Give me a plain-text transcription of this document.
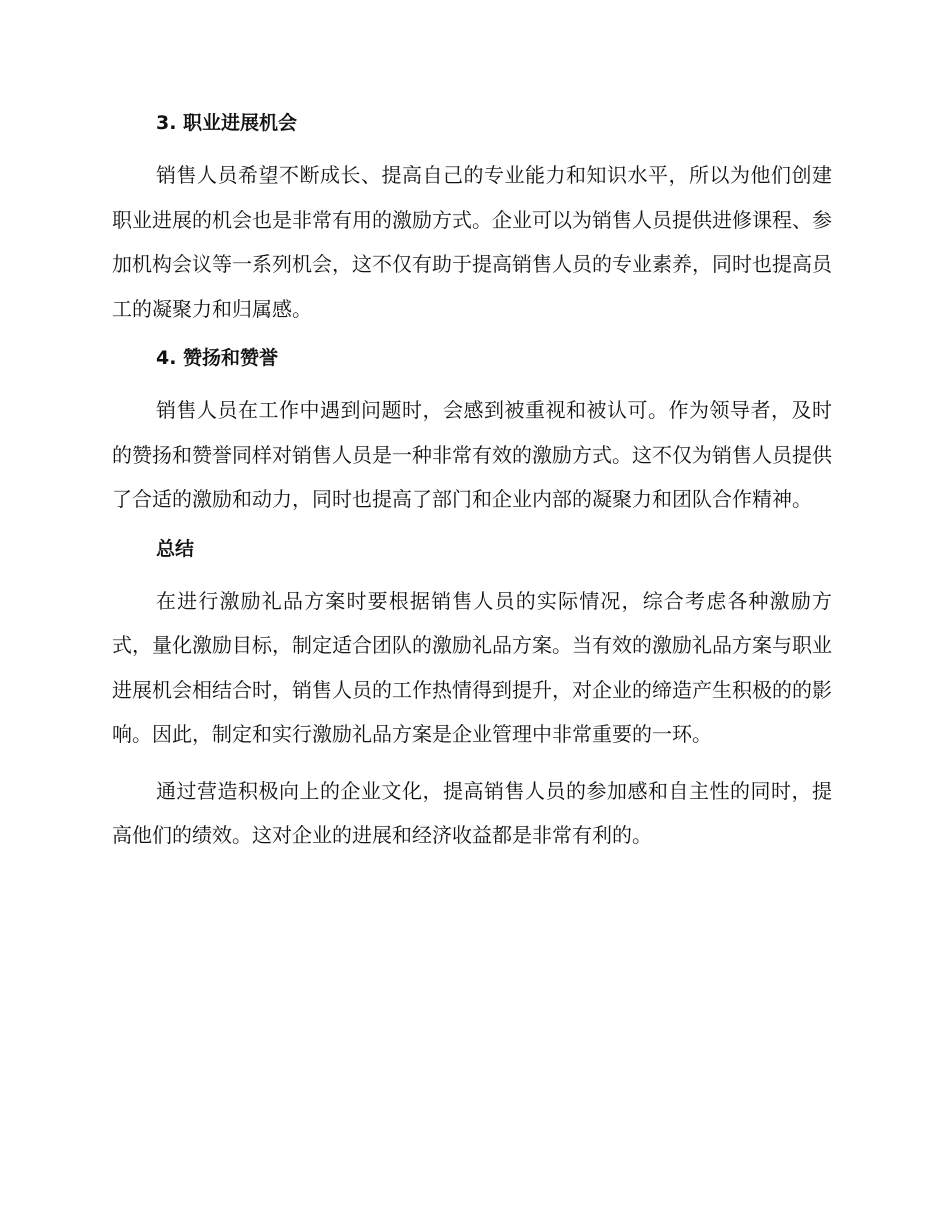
3. 职业进展机会

销售人员希望不断成长、提高自己的专业能力和知识水平，所以为他们创建职业进展的机会也是非常有用的激励方式。企业可以为销售人员提供进修课程、参加机构会议等一系列机会，这不仅有助于提高销售人员的专业素养，同时也提高员工的凝聚力和归属感。

4. 赞扬和赞誉

销售人员在工作中遇到问题时，会感到被重视和被认可。作为领导者，及时的赞扬和赞誉同样对销售人员是一种非常有效的激励方式。这不仅为销售人员提供了合适的激励和动力，同时也提高了部门和企业内部的凝聚力和团队合作精神。

总结

在进行激励礼品方案时要根据销售人员的实际情况，综合考虑各种激励方式，量化激励目标，制定适合团队的激励礼品方案。当有效的激励礼品方案与职业进展机会相结合时，销售人员的工作热情得到提升，对企业的缔造产生积极的的影响。因此，制定和实行激励礼品方案是企业管理中非常重要的一环。

通过营造积极向上的企业文化，提高销售人员的参加感和自主性的同时，提高他们的绩效。这对企业的进展和经济收益都是非常有利的。
